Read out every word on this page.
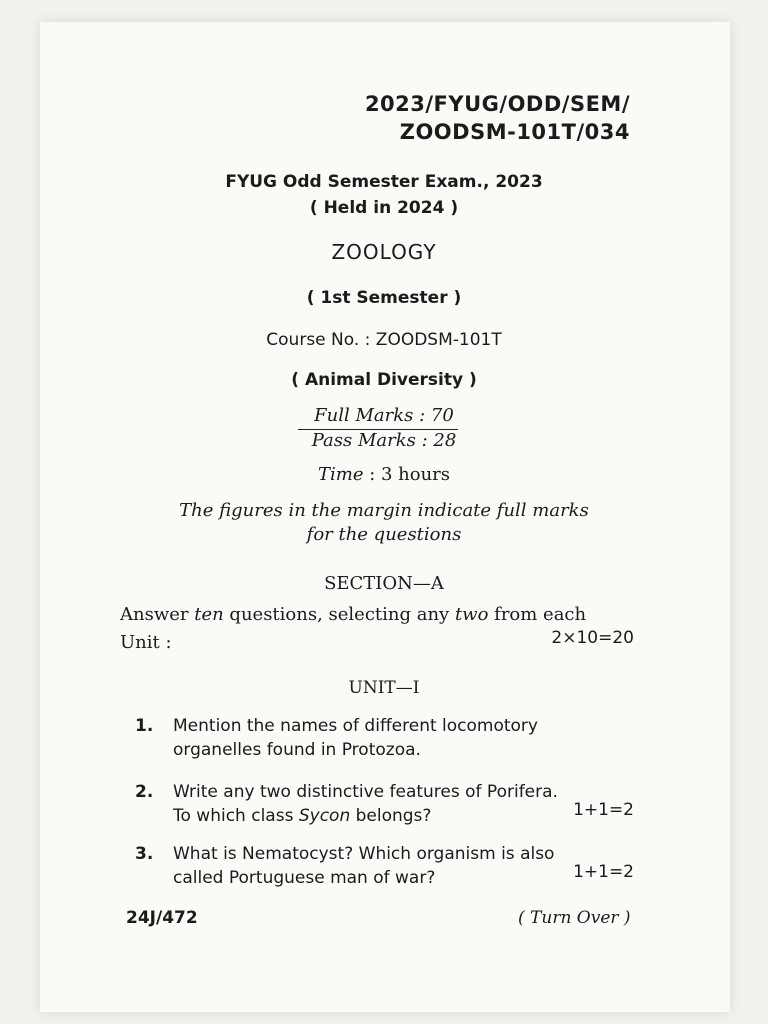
2023/FYUG/ODD/SEM/
ZOODSM-101T/034
FYUG Odd Semester Exam., 2023
( Held in 2024 )
ZOOLOGY
( 1st Semester )
Course No. : ZOODSM-101T
( Animal Diversity )
Full Marks : 70
Pass Marks : 28
Time : 3 hours
The figures in the margin indicate full marks
for the questions
SECTION—A
Answer ten questions, selecting any two from each
Unit :	2×10=20
UNIT—I
1. Mention the names of different locomotory
organelles found in Protozoa.
2. Write any two distinctive features of Porifera.
To which class Sycon belongs?	1+1=2
3. What is Nematocyst? Which organism is also
called Portuguese man of war?	1+1=2
24J/472	( Turn Over )
